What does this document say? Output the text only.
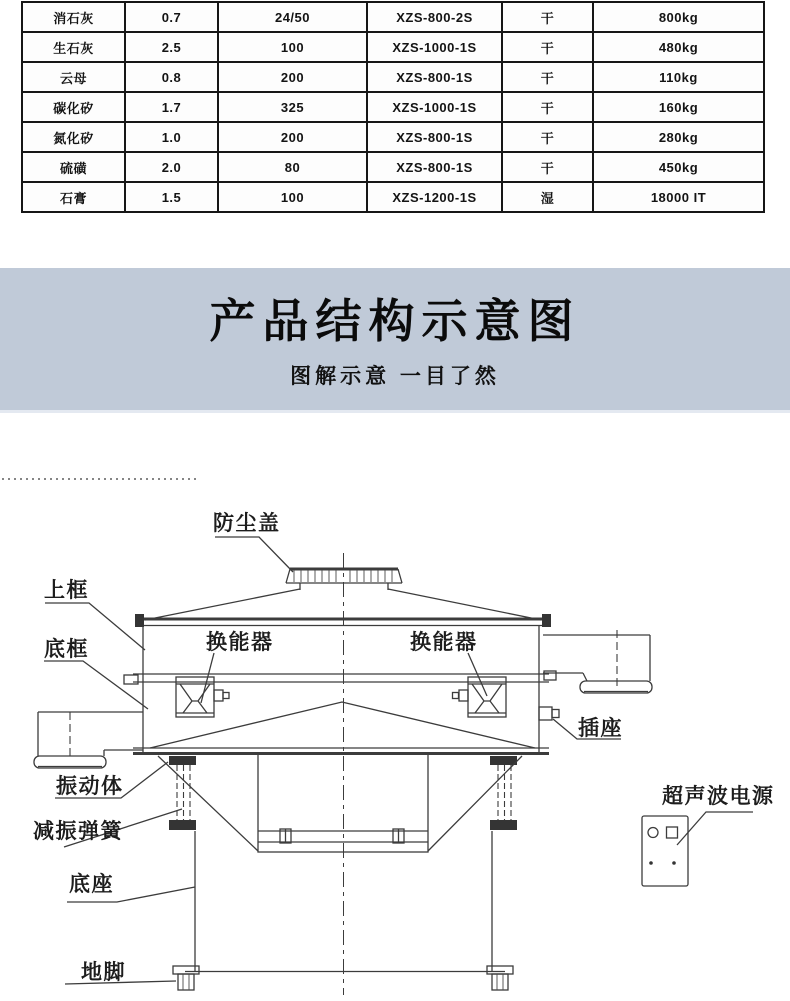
消石灰	0.7	24/50	XZS-800-2S	干	800kg
生石灰	2.5	100	XZS-1000-1S	干	480kg
云母	0.8	200	XZS-800-1S	干	110kg
碳化矽	1.7	325	XZS-1000-1S	干	160kg
氮化矽	1.0	200	XZS-800-1S	干	280kg
硫磺	2.0	80	XZS-800-1S	干	450kg
石膏	1.5	100	XZS-1200-1S	湿	18000 IT
产品结构示意图
图解示意 一目了然
防尘盖
上框
换能器	换能器
底框
插座
振动体
减振弹簧
底座
地脚
超声波电源
